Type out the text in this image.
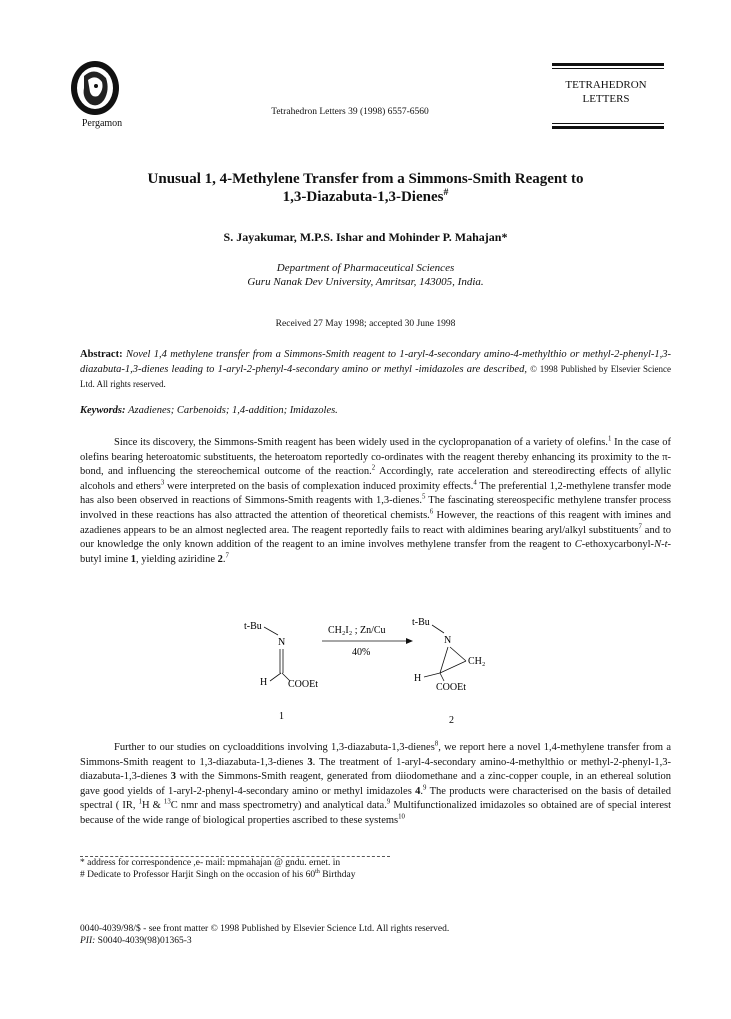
Pergamon
Tetrahedron Letters 39 (1998) 6557-6560
TETRAHEDRON
LETTERS
Unusual 1, 4-Methylene Transfer from a Simmons-Smith Reagent to
1,3-Diazabuta-1,3-Dienes#
S. Jayakumar, M.P.S. Ishar and Mohinder P. Mahajan*
Department of Pharmaceutical Sciences
Guru Nanak Dev University, Amritsar, 143005, India.
Received 27 May 1998; accepted 30 June 1998
Abstract: Novel 1,4 methylene transfer from a Simmons-Smith reagent to 1-aryl-4-secondary amino-4-methylthio or methyl-2-phenyl-1,3-diazabuta-1,3-dienes leading to 1-aryl-2-phenyl-4-secondary amino or methyl -imidazoles are described, © 1998 Published by Elsevier Science Ltd. All rights reserved.
Keywords: Azadienes; Carbenoids; 1,4-addition; Imidazoles.
Since its discovery, the Simmons-Smith reagent has been widely used in the cyclopropanation of a variety of olefins.$^1$ In the case of olefins bearing heteroatomic substituents, the heteroatom reportedly co-ordinates with the reagent thereby enhancing its proximity to the π-bond, and influencing the stereochemical outcome of the reaction.$^2$ Accordingly, rate acceleration and stereodirecting effects of allylic alcohols and ethers$^3$ were interpreted on the basis of complexation induced proximity effects.$^4$ The preferential 1,2-methylene transfer mode has also been observed in reactions of Simmons-Smith reagents with 1,3-dienes.$^5$ The fascinating stereospecific methylene transfer process involved in these reactions has also attracted the attention of theoretical chemists.$^6$ However, the reactions of this reagent with imines and azadienes appears to be an almost neglected area. The reagent reportedly fails to react with aldimines bearing aryl/alkyl substituents$^7$ and to our knowledge the only known addition of the reagent to an imine involves methylene transfer from the reagent to C-ethoxycarbonyl-N-t-butyl imine 1, yielding aziridine 2.$^7$
t-Bu
N
H COOEt
1
CH₂I₂ ; Zn/Cu
40%
t-Bu
N
CH₂
H
COOEt
2
Further to our studies on cycloadditions involving 1,3-diazabuta-1,3-dienes$^8$, we report here a novel 1,4-methylene transfer from a Simmons-Smith reagent to 1,3-diazabuta-1,3-dienes 3. The treatment of 1-aryl-4-secondary amino-4-methylthio or methyl-2-phenyl-1,3-diazabuta-1,3-dienes 3 with the Simmons-Smith reagent, generated from diiodomethane and a zinc-copper couple, in an ethereal solution gave good yields of 1-aryl-2-phenyl-4-secondary amino or methyl imidazoles 4.$^9$ The products were characterised on the basis of detailed spectral ( IR, $^1$H & $^{13}$C nmr and mass spectrometry) and analytical data.$^9$ Multifunctionalized imidazoles so obtained are of special interest because of the wide range of biological properties ascribed to these systems$^{10}$
* address for correspondence ,e- mail: mpmahajan @ gndu. ernet. in
# Dedicate to Professor Harjit Singh on the occasion of his 60th Birthday
0040-4039/98/$ - see front matter © 1998 Published by Elsevier Science Ltd. All rights reserved.
PII: S0040-4039(98)01365-3
